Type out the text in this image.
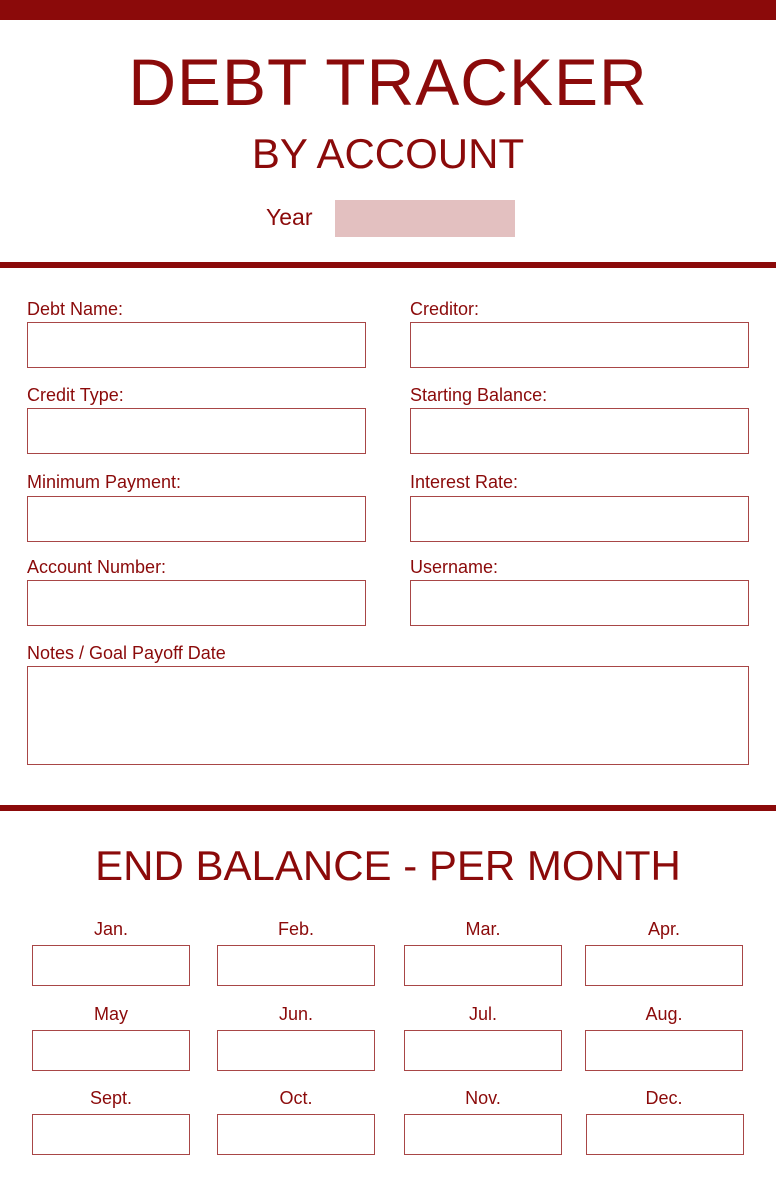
DEBT TRACKER
BY ACCOUNT
Year
Debt Name:	Creditor:
Credit Type:	Starting Balance:
Minimum Payment:	Interest Rate:
Account Number:	Username:
Notes / Goal Payoff Date
END BALANCE - PER MONTH
Jan.	Feb.	Mar.	Apr.
May	Jun.	Jul.	Aug.
Sept.	Oct.	Nov.	Dec.
